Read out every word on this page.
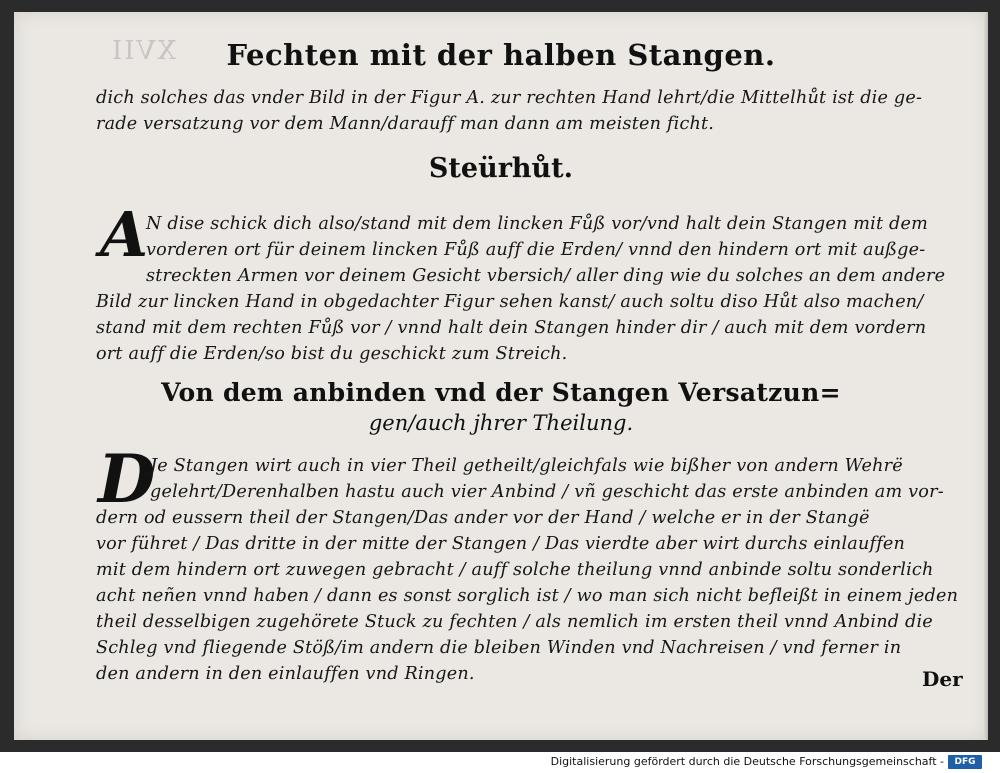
XVII	Fechten mit der halben Stangen.
dich solches das vnder Bild in der Figur A. zur rechten Hand lehrt/die Mittelhůt ist die ge-
rade versatzung vor dem Mann/darauff man dann am meisten ficht.
Steürhůt.
A
N dise schick dich also/stand mit dem lincken Fůß vor/vnd halt dein Stangen mit dem
vorderen ort für deinem lincken Fůß auff die Erden/ vnnd den hindern ort mit außge-
streckten Armen vor deinem Gesicht vbersich/ aller ding wie du solches an dem andere
Bild zur lincken Hand in obgedachter Figur sehen kanst/ auch soltu diso Hůt also machen/
stand mit dem rechten Fůß vor / vnnd halt dein Stangen hinder dir / auch mit dem vordern
ort auff die Erden/so bist du geschickt zum Streich.
Von dem anbinden vnd der Stangen Versatzun=
gen/auch jhrer Theilung.
D
Je Stangen wirt auch in vier Theil getheilt/gleichfals wie bißher von andern Wehrë
gelehrt/Derenhalben hastu auch vier Anbind / vñ geschicht das erste anbinden am vor-
dern od eussern theil der Stangen/Das ander vor der Hand / welche er in der Stangë
vor führet / Das dritte in der mitte der Stangen / Das vierdte aber wirt durchs einlauffen
mit dem hindern ort zuwegen gebracht / auff solche theilung vnnd anbinde soltu sonderlich
acht neñen vnnd haben / dann es sonst sorglich ist / wo man sich nicht befleißt in einem jeden
theil desselbigen zugehörete Stuck zu fechten / als nemlich im ersten theil vnnd Anbind die
Schleg vnd fliegende Stöß/im andern die bleiben Winden vnd Nachreisen / vnd ferner in
den andern in den einlauffen vnd Ringen.	Der
Digitalisierung gefördert durch die Deutsche Forschungsgemeinschaft -	DFG
